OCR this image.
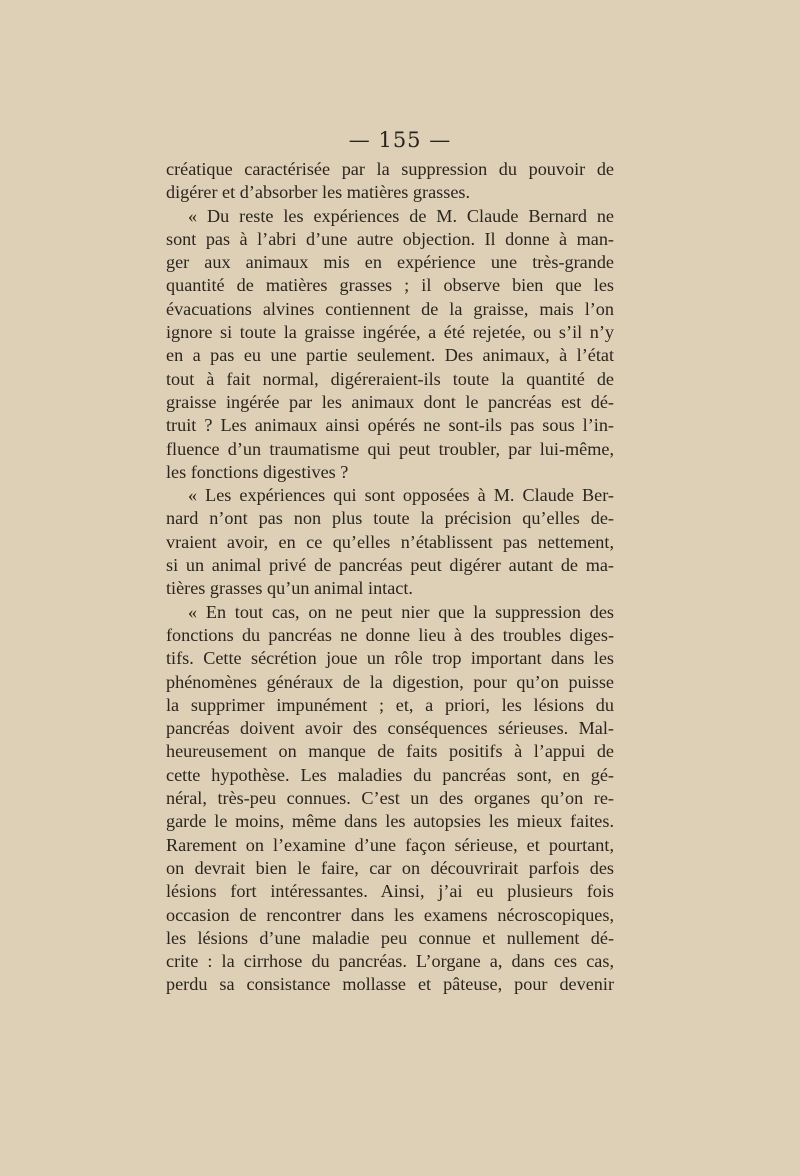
— 155 —
créatique caractérisée par la suppression du pouvoir de
digérer et d’absorber les matières grasses.
« Du reste les expériences de M. Claude Bernard ne
sont pas à l’abri d’une autre objection. Il donne à man-
ger aux animaux mis en expérience une très-grande
quantité de matières grasses ; il observe bien que les
évacuations alvines contiennent de la graisse, mais l’on
ignore si toute la graisse ingérée, a été rejetée, ou s’il n’y
en a pas eu une partie seulement. Des animaux, à l’état
tout à fait normal, digéreraient-ils toute la quantité de
graisse ingérée par les animaux dont le pancréas est dé-
truit ? Les animaux ainsi opérés ne sont-ils pas sous l’in-
fluence d’un traumatisme qui peut troubler, par lui-même,
les fonctions digestives ?
« Les expériences qui sont opposées à M. Claude Ber-
nard n’ont pas non plus toute la précision qu’elles de-
vraient avoir, en ce qu’elles n’établissent pas nettement,
si un animal privé de pancréas peut digérer autant de ma-
tières grasses qu’un animal intact.
« En tout cas, on ne peut nier que la suppression des
fonctions du pancréas ne donne lieu à des troubles diges-
tifs. Cette sécrétion joue un rôle trop important dans les
phénomènes généraux de la digestion, pour qu’on puisse
la supprimer impunément ; et, a priori, les lésions du
pancréas doivent avoir des conséquences sérieuses. Mal-
heureusement on manque de faits positifs à l’appui de
cette hypothèse. Les maladies du pancréas sont, en gé-
néral, très-peu connues. C’est un des organes qu’on re-
garde le moins, même dans les autopsies les mieux faites.
Rarement on l’examine d’une façon sérieuse, et pourtant,
on devrait bien le faire, car on découvrirait parfois des
lésions fort intéressantes. Ainsi, j’ai eu plusieurs fois
occasion de rencontrer dans les examens nécroscopiques,
les lésions d’une maladie peu connue et nullement dé-
crite : la cirrhose du pancréas. L’organe a, dans ces cas,
perdu sa consistance mollasse et pâteuse, pour devenir
